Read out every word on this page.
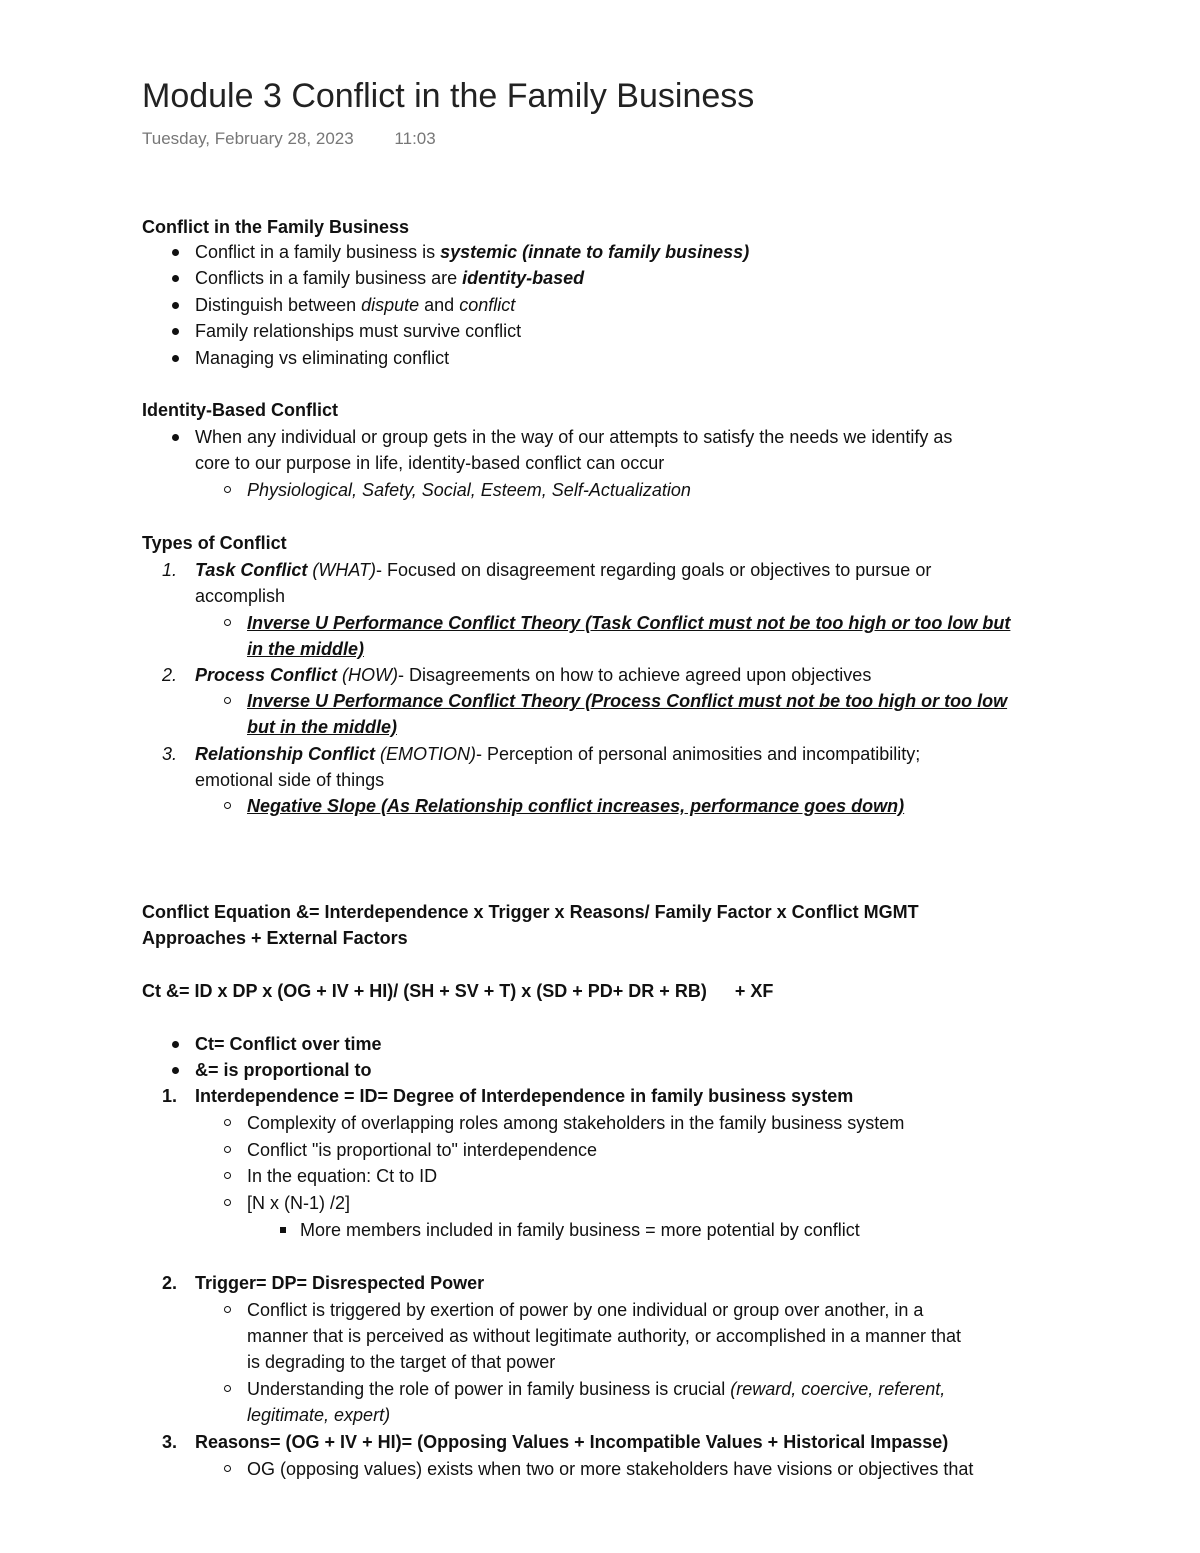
Module 3 Conflict in the Family Business
Tuesday, February 28, 2023 11:03
Conflict in the Family Business
Conflict in a family business is systemic (innate to family business)
Conflicts in a family business are identity-based
Distinguish between dispute and conflict
Family relationships must survive conflict
Managing vs eliminating conflict
Identity-Based Conflict
When any individual or group gets in the way of our attempts to satisfy the needs we identify as
core to our purpose in life, identity-based conflict can occur
Physiological, Safety, Social, Esteem, Self-Actualization
Types of Conflict
1. Task Conflict (WHAT)- Focused on disagreement regarding goals or objectives to pursue or
accomplish
Inverse U Performance Conflict Theory (Task Conflict must not be too high or too low but
in the middle)
2. Process Conflict (HOW)- Disagreements on how to achieve agreed upon objectives
Inverse U Performance Conflict Theory (Process Conflict must not be too high or too low
but in the middle)
3. Relationship Conflict (EMOTION)- Perception of personal animosities and incompatibility;
emotional side of things
Negative Slope (As Relationship conflict increases, performance goes down)
Conflict Equation &= Interdependence x Trigger x Reasons/ Family Factor x Conflict MGMT
Approaches + External Factors
Ct &= ID x DP x (OG + IV + HI)/ (SH + SV + T) x (SD + PD+ DR + RB) + XF
Ct= Conflict over time
&= is proportional to
1. Interdependence = ID= Degree of Interdependence in family business system
Complexity of overlapping roles among stakeholders in the family business system
Conflict "is proportional to" interdependence
In the equation: Ct to ID
[N x (N-1) /2]
More members included in family business = more potential by conflict
2. Trigger= DP= Disrespected Power
Conflict is triggered by exertion of power by one individual or group over another, in a
manner that is perceived as without legitimate authority, or accomplished in a manner that
is degrading to the target of that power
Understanding the role of power in family business is crucial (reward, coercive, referent,
legitimate, expert)
3. Reasons= (OG + IV + HI)= (Opposing Values + Incompatible Values + Historical Impasse)
OG (opposing values) exists when two or more stakeholders have visions or objectives that
